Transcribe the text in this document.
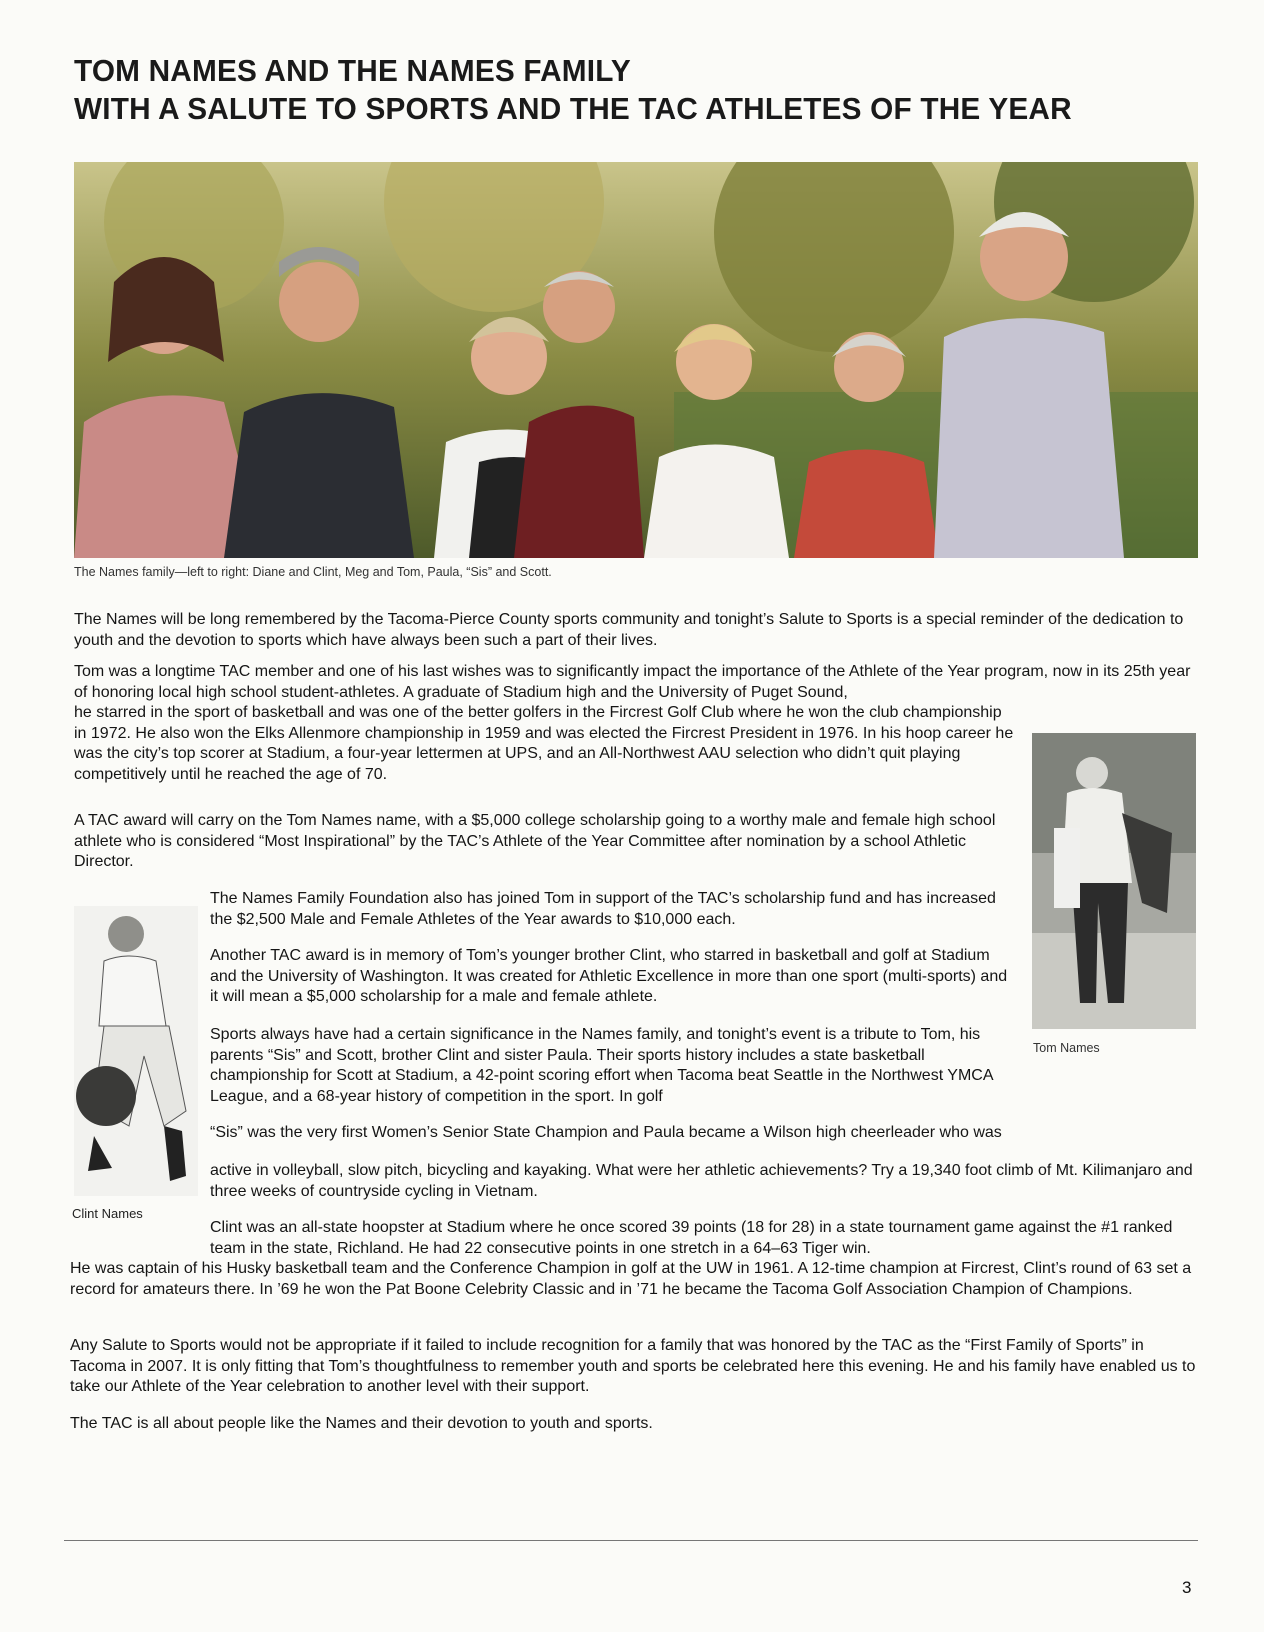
TOM NAMES AND THE NAMES FAMILY
WITH A SALUTE TO SPORTS AND THE TAC ATHLETES OF THE YEAR
The Names family—left to right: Diane and Clint, Meg and Tom, Paula, “Sis” and Scott.

The Names will be long remembered by the Tacoma-Pierce County sports community and tonight’s Salute to Sports is a special reminder of the dedication to youth and the devotion to sports which have always been such a part of their lives.

Tom was a longtime TAC member and one of his last wishes was to significantly impact the importance of the Athlete of the Year program, now in its 25th year of honoring local high school student-athletes. A graduate of Stadium high and the University of Puget Sound,

he starred in the sport of basketball and was one of the better golfers in the Fircrest Golf Club where he won the club championship in 1972. He also won the Elks Allenmore championship in 1959 and was elected the Fircrest President in 1976. In his hoop career he was the city’s top scorer at Stadium, a four-year lettermen at UPS, and an All-Northwest AAU selection who didn’t quit playing competitively until he reached the age of 70.

A TAC award will carry on the Tom Names name, with a $5,000 college scholarship going to a worthy male and female high school athlete who is considered “Most Inspirational” by the TAC’s Athlete of the Year Committee after nomination by a school Athletic Director.

The Names Family Foundation also has joined Tom in support of the TAC’s scholarship fund and has increased the $2,500 Male and Female Athletes of the Year awards to $10,000 each.

Another TAC award is in memory of Tom’s younger brother Clint, who starred in basketball and golf at Stadium and the University of Washington. It was created for Athletic Excellence in more than one sport (multi-sports) and it will mean a $5,000 scholarship for a male and female athlete.

Sports always have had a certain significance in the Names family, and tonight’s event is a tribute to Tom, his parents “Sis” and Scott, brother Clint and sister Paula. Their sports history includes a state basketball championship for Scott at Stadium, a 42-point scoring effort when Tacoma beat Seattle in the Northwest YMCA League, and a 68-year history of competition in the sport. In golf

“Sis” was the very first Women’s Senior State Champion and Paula became a Wilson high cheerleader who was

active in volleyball, slow pitch, bicycling and kayaking. What were her athletic achievements? Try a 19,340 foot climb of Mt. Kilimanjaro and three weeks of countryside cycling in Vietnam.

Clint was an all-state hoopster at Stadium where he once scored 39 points (18 for 28) in a state tournament game against the #1 ranked team in the state, Richland. He had 22 consecutive points in one stretch in a 64–63 Tiger win.

He was captain of his Husky basketball team and the Conference Champion in golf at the UW in 1961. A 12-time champion at Fircrest, Clint’s round of 63 set a record for amateurs there. In ’69 he won the Pat Boone Celebrity Classic and in ’71 he became the Tacoma Golf Association Champion of Champions.

Any Salute to Sports would not be appropriate if it failed to include recognition for a family that was honored by the TAC as the “First Family of Sports” in Tacoma in 2007. It is only fitting that Tom’s thoughtfulness to remember youth and sports be celebrated here this evening. He and his family have enabled us to take our Athlete of the Year celebration to another level with their support.

The TAC is all about people like the Names and their devotion to youth and sports.

Tom Names
Clint Names
3
